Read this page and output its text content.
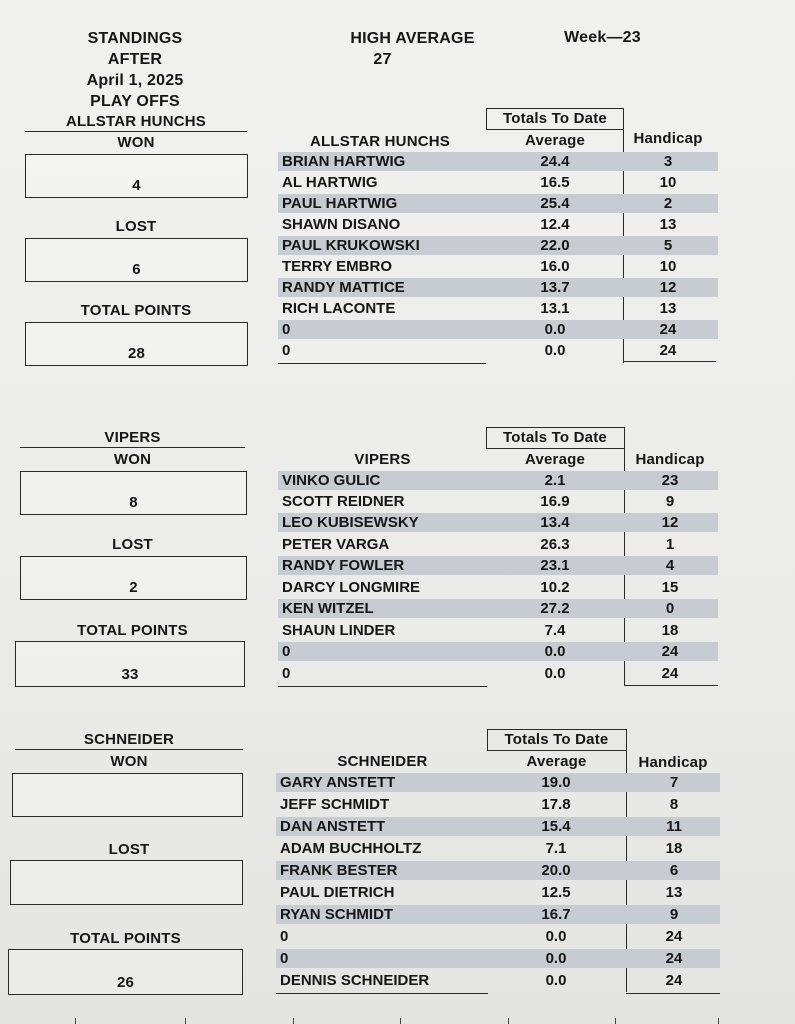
STANDINGS
AFTER
April 1, 2025
PLAY OFFS
HIGH AVERAGE
27
Week—23
ALLSTAR HUNCHS
WON
4
LOST
6
TOTAL POINTS
28
Totals To Date
ALLSTAR HUNCHS	Average	Handicap
BRIAN HARTWIG	24.4	3
AL HARTWIG	16.5	10
PAUL HARTWIG	25.4	2
SHAWN DISANO	12.4	13
PAUL KRUKOWSKI	22.0	5
TERRY EMBRO	16.0	10
RANDY MATTICE	13.7	12
RICH LACONTE	13.1	13
0	0.0	24
0	0.0	24
VIPERS
WON
8
LOST
2
TOTAL POINTS
33
Totals To Date
VIPERS	Average	Handicap
VINKO GULIC	2.1	23
SCOTT REIDNER	16.9	9
LEO KUBISEWSKY	13.4	12
PETER VARGA	26.3	1
RANDY FOWLER	23.1	4
DARCY LONGMIRE	10.2	15
KEN WITZEL	27.2	0
SHAUN LINDER	7.4	18
0	0.0	24
0	0.0	24
SCHNEIDER
WON
LOST
TOTAL POINTS
26
Totals To Date
SCHNEIDER	Average	Handicap
GARY ANSTETT	19.0	7
JEFF SCHMIDT	17.8	8
DAN ANSTETT	15.4	11
ADAM BUCHHOLTZ	7.1	18
FRANK BESTER	20.0	6
PAUL DIETRICH	12.5	13
RYAN SCHMIDT	16.7	9
0	0.0	24
0	0.0	24
DENNIS SCHNEIDER	0.0	24
